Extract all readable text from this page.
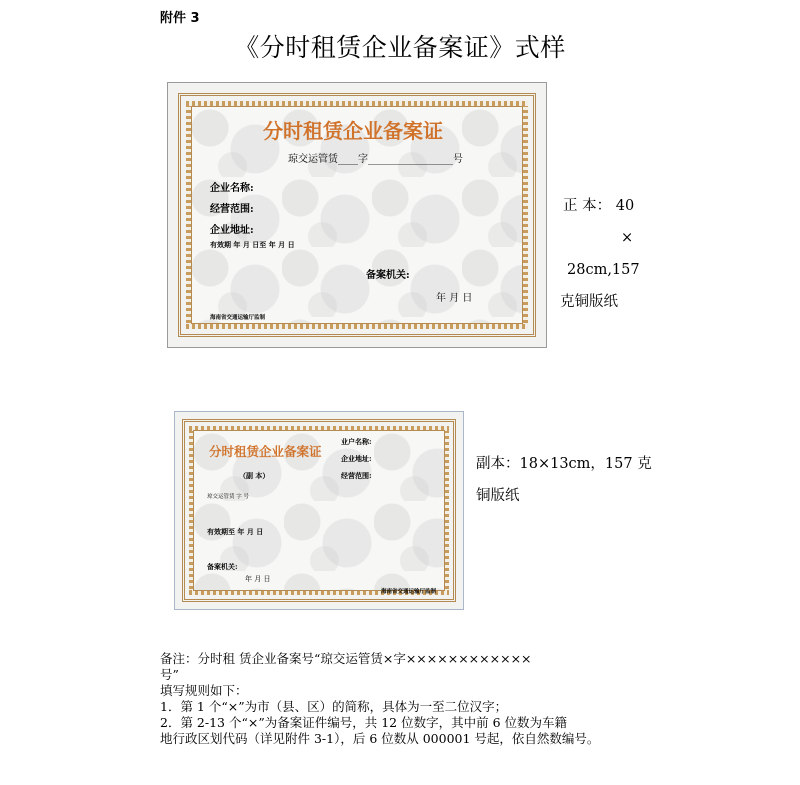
附件 3
《分时租赁企业备案证》式样
分时租赁企业备案证
琼交运管赁____字_________________号
企业名称:
经营范围:
企业地址:
有效期 年 月 日至 年 月 日
备案机关:
年 月 日
海南省交通运输厅监制
正 本： 40
×
28cm,157
克铜版纸
分时租赁企业备案证
（副 本）
业户名称:
企业地址:
经营范围:
琼交运管赁 字 号
有效期至 年 月 日
备案机关:
年 月 日
海南省交通运输厅监制
副本：18×13cm，157 克
铜版纸
备注：分时租 赁企业备案号“琼交运管赁×字××××××××××××
号”
填写规则如下：
1．第 1 个“×”为市（县、区）的简称，具体为一至二位汉字；
2．第 2-13 个“×”为备案证件编号，共 12 位数字，其中前 6 位数为车籍
地行政区划代码（详见附件 3-1），后 6 位数从 000001 号起，依自然数编号。
